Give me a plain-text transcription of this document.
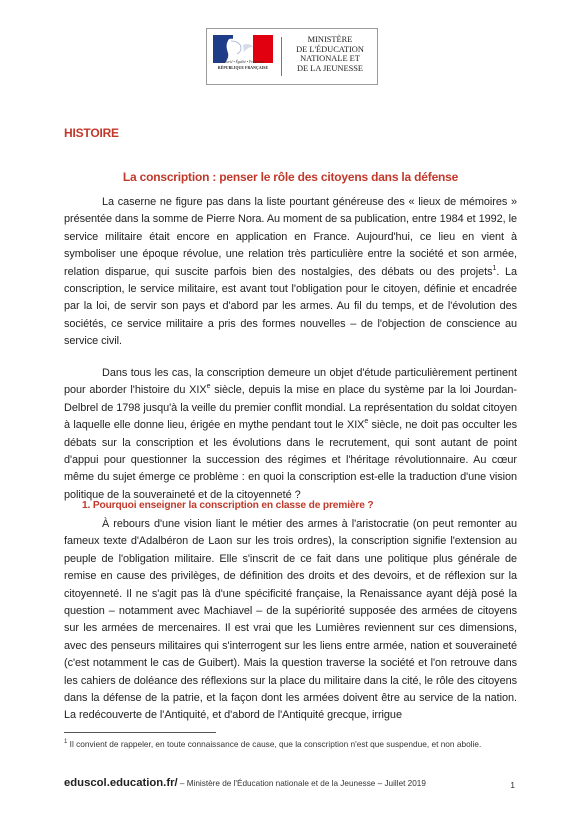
Liberté • Égalité • Fraternité
RÉPUBLIQUE FRANÇAISE
MINISTÈRE
DE L'ÉDUCATION
NATIONALE ET
DE LA JEUNESSE
HISTOIRE
La conscription : penser le rôle des citoyens dans la défense

La caserne ne figure pas dans la liste pourtant généreuse des « lieux de mémoires » présentée dans la somme de Pierre Nora. Au moment de sa publication, entre 1984 et 1992, le service militaire était encore en application en France. Aujourd'hui, ce lieu en vient à symboliser une époque révolue, une relation très particulière entre la société et son armée, relation disparue, qui suscite parfois bien des nostalgies, des débats ou des projets$^1$. La conscription, le service militaire, est avant tout l'obligation pour le citoyen, définie et encadrée par la loi, de servir son pays et d'abord par les armes. Au fil du temps, et de l'évolution des sociétés, ce service militaire a pris des formes nouvelles – de l'objection de conscience au service civil.

Dans tous les cas, la conscription demeure un objet d'étude particulièrement pertinent pour aborder l'histoire du XIXe siècle, depuis la mise en place du système par la loi Jourdan-Delbrel de 1798 jusqu'à la veille du premier conflit mondial. La représentation du soldat citoyen à laquelle elle donne lieu, érigée en mythe pendant tout le XIXe siècle, ne doit pas occulter les débats sur la conscription et les évolutions dans le recrutement, qui sont autant de point d'appui pour questionner la succession des régimes et l'héritage révolutionnaire. Au cœur même du sujet émerge ce problème : en quoi la conscription est-elle la traduction d'une vision politique de la souveraineté et de la citoyenneté ?

1. Pourquoi enseigner la conscription en classe de première ?

À rebours d'une vision liant le métier des armes à l'aristocratie (on peut remonter au fameux texte d'Adalbéron de Laon sur les trois ordres), la conscription signifie l'extension au peuple de l'obligation militaire. Elle s'inscrit de ce fait dans une politique plus générale de remise en cause des privilèges, de définition des droits et des devoirs, et de réflexion sur la citoyenneté. Il ne s'agit pas là d'une spécificité française, la Renaissance ayant déjà posé la question – notamment avec Machiavel – de la supériorité supposée des armées de citoyens sur les armées de mercenaires. Il est vrai que les Lumières reviennent sur ces dimensions, avec des penseurs militaires qui s'interrogent sur les liens entre armée, nation et souveraineté (c'est notamment le cas de Guibert). Mais la question traverse la société et l'on retrouve dans les cahiers de doléance des réflexions sur la place du militaire dans la cité, le rôle des citoyens dans la défense de la patrie, et la façon dont les armées doivent être au service de la nation. La redécouverte de l'Antiquité, et d'abord de l'Antiquité grecque, irrigue

$^1$ Il convient de rappeler, en toute connaissance de cause, que la conscription n'est que suspendue, et non abolie.
eduscol.education.fr/ – Ministère de l'Éducation nationale et de la Jeunesse – Juillet 2019	1
